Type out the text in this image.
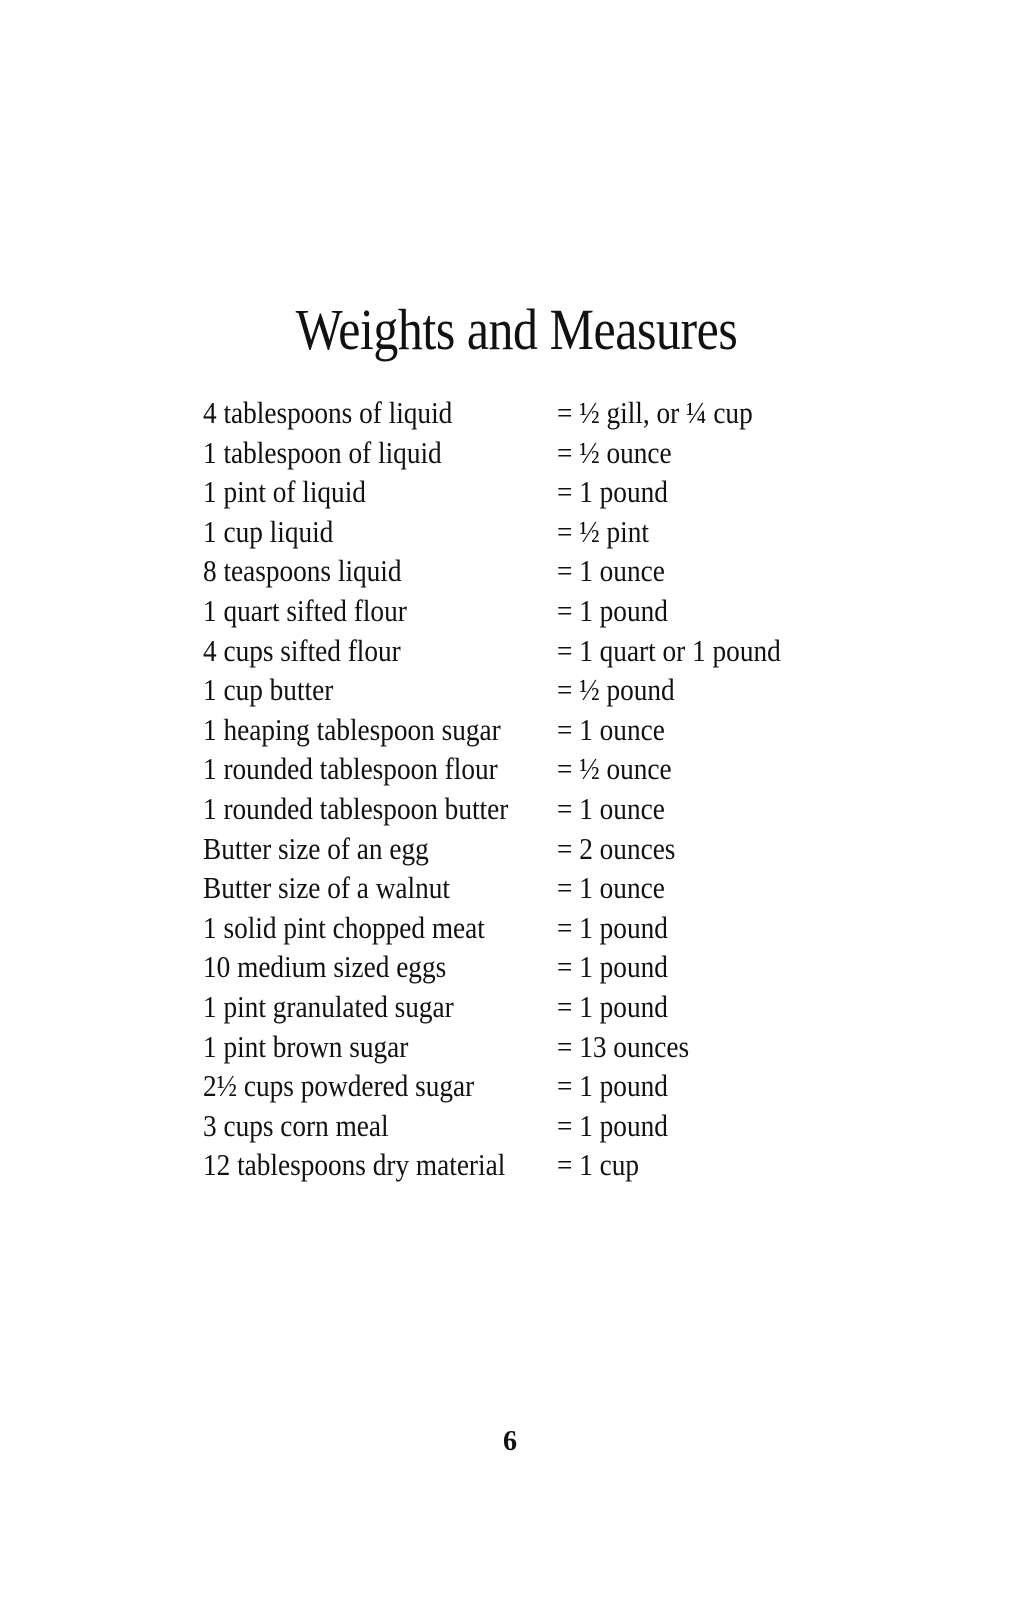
Weights and Measures
4 tablespoons of liquid	= ½ gill, or ¼ cup
1 tablespoon of liquid	= ½ ounce
1 pint of liquid	= 1 pound
1 cup liquid	= ½ pint
8 teaspoons liquid	= 1 ounce
1 quart sifted flour	= 1 pound
4 cups sifted flour	= 1 quart or 1 pound
1 cup butter	= ½ pound
1 heaping tablespoon sugar = 1 ounce
1 rounded tablespoon flour = ½ ounce
1 rounded tablespoon butter = 1 ounce
Butter size of an egg	= 2 ounces
Butter size of a walnut	= 1 ounce
1 solid pint chopped meat = 1 pound
10 medium sized eggs	= 1 pound
1 pint granulated sugar	= 1 pound
1 pint brown sugar	= 13 ounces
2½ cups powdered sugar	= 1 pound
3 cups corn meal	= 1 pound
12 tablespoons dry material = 1 cup
6
